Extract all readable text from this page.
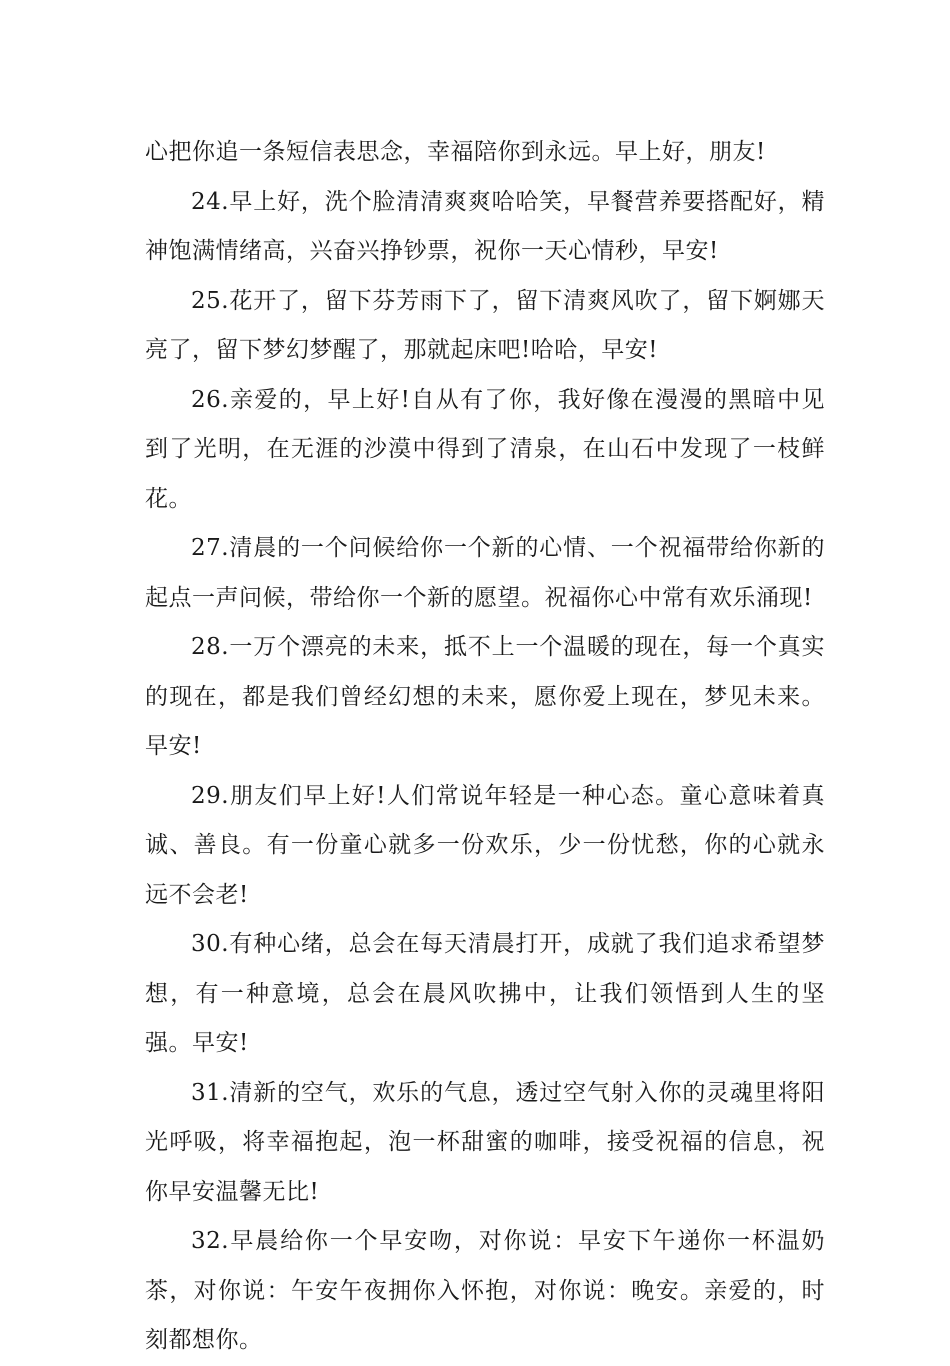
心把你追一条短信表思念，幸福陪你到永远。早上好，朋友!

24.早上好，洗个脸清清爽爽哈哈笑，早餐营养要搭配好，精神饱满情绪高，兴奋兴挣钞票，祝你一天心情秒，早安!

25.花开了，留下芬芳雨下了，留下清爽风吹了，留下婀娜天亮了，留下梦幻梦醒了，那就起床吧!哈哈，早安!

26.亲爱的，早上好!自从有了你，我好像在漫漫的黑暗中见到了光明，在无涯的沙漠中得到了清泉，在山石中发现了一枝鲜花。

27.清晨的一个问候给你一个新的心情、一个祝福带给你新的起点一声问候，带给你一个新的愿望。祝福你心中常有欢乐涌现!

28.一万个漂亮的未来，抵不上一个温暖的现在，每一个真实的现在，都是我们曾经幻想的未来，愿你爱上现在，梦见未来。早安!

29.朋友们早上好!人们常说年轻是一种心态。童心意味着真诚、善良。有一份童心就多一份欢乐，少一份忧愁，你的心就永远不会老!

30.有种心绪，总会在每天清晨打开，成就了我们追求希望梦想，有一种意境，总会在晨风吹拂中，让我们领悟到人生的坚强。早安!

31.清新的空气，欢乐的气息，透过空气射入你的灵魂里将阳光呼吸，将幸福抱起，泡一杯甜蜜的咖啡，接受祝福的信息，祝你早安温馨无比!

32.早晨给你一个早安吻，对你说：早安下午递你一杯温奶茶，对你说：午安午夜拥你入怀抱，对你说：晚安。亲爱的，时刻都想你。
